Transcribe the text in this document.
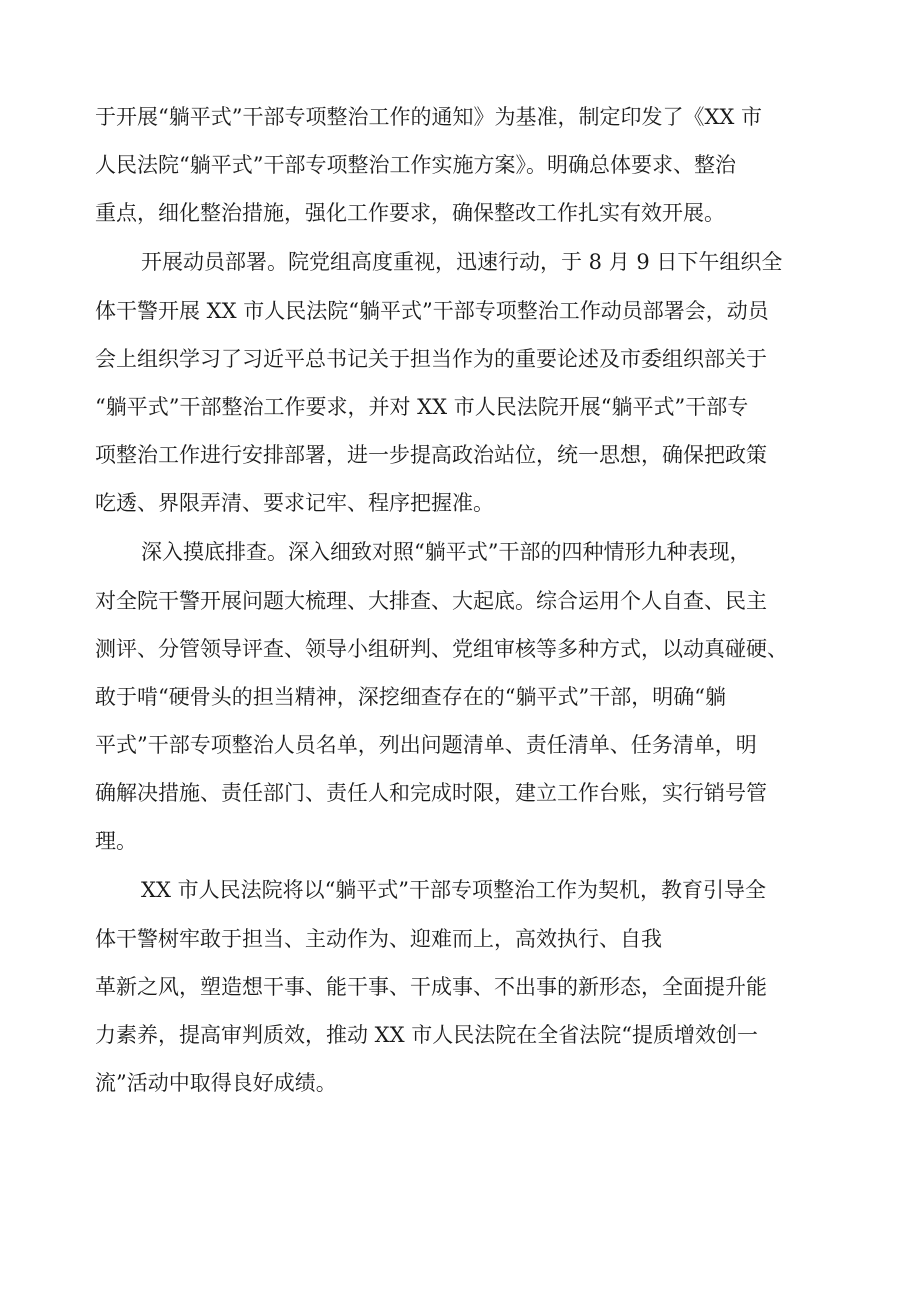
于开展“躺平式”干部专项整治工作的通知》为基准，制定印发了《XX 市
人民法院“躺平式”干部专项整治工作实施方案》。明确总体要求、整治
重点，细化整治措施，强化工作要求，确保整改工作扎实有效开展。
开展动员部署。院党组高度重视，迅速行动，于 8 月 9 日下午组织全
体干警开展 XX 市人民法院“躺平式”干部专项整治工作动员部署会，动员
会上组织学习了习近平总书记关于担当作为的重要论述及市委组织部关于
“躺平式”干部整治工作要求，并对 XX 市人民法院开展“躺平式”干部专
项整治工作进行安排部署，进一步提高政治站位，统一思想，确保把政策
吃透、界限弄清、要求记牢、程序把握准。
深入摸底排查。深入细致对照“躺平式”干部的四种情形九种表现，
对全院干警开展问题大梳理、大排查、大起底。综合运用个人自查、民主
测评、分管领导评查、领导小组研判、党组审核等多种方式，以动真碰硬、
敢于啃“硬骨头的担当精神，深挖细查存在的“躺平式”干部，明确“躺
平式”干部专项整治人员名单，列出问题清单、责任清单、任务清单，明
确解决措施、责任部门、责任人和完成时限，建立工作台账，实行销号管
理。
XX 市人民法院将以“躺平式”干部专项整治工作为契机，教育引导全
体干警树牢敢于担当、主动作为、迎难而上，高效执行、自我
革新之风，塑造想干事、能干事、干成事、不出事的新形态，全面提升能
力素养，提高审判质效，推动 XX 市人民法院在全省法院“提质增效创一
流”活动中取得良好成绩。
